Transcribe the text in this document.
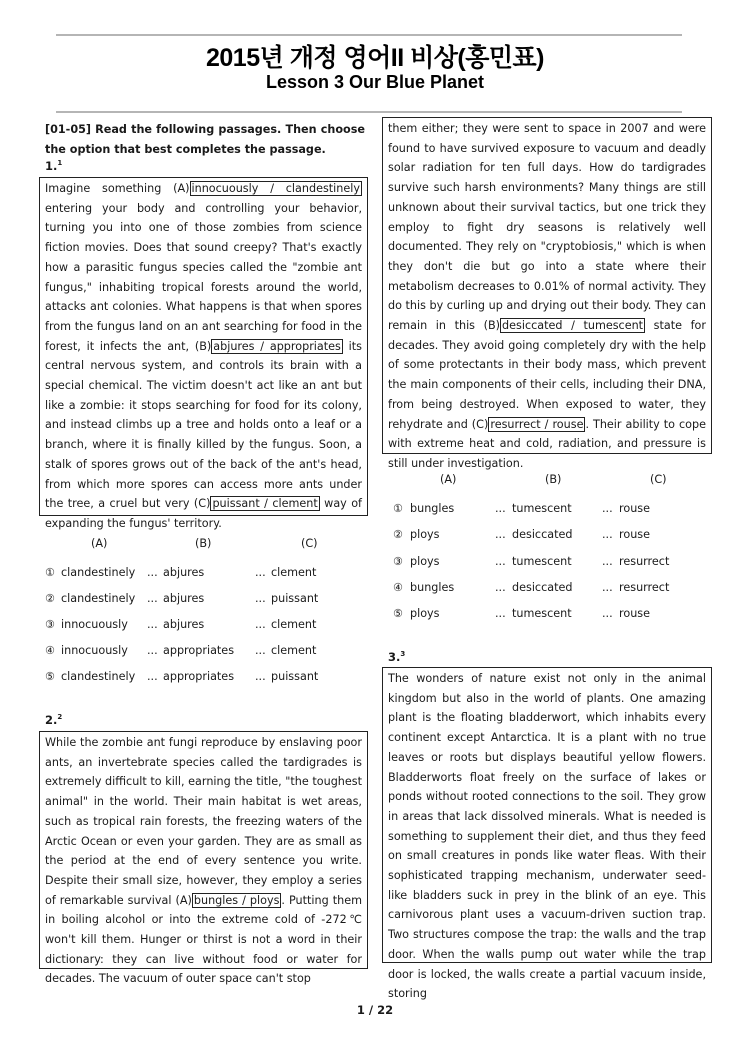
2015년 개정 영어II 비상(홍민표)
Lesson 3 Our Blue Planet
[01-05] Read the following passages. Then choose the option that best completes the passage.
1.$^1$
Imagine something (A) innocuously / clandestinely entering your body and controlling your behavior, turning you into one of those zombies from science fiction movies. Does that sound creepy? That's exactly how a parasitic fungus species called the "zombie ant fungus," inhabiting tropical forests around the world, attacks ant colonies. What happens is that when spores from the fungus land on an ant searching for food in the forest, it infects the ant, (B) abjures / appropriates its central nervous system, and controls its brain with a special chemical. The victim doesn't act like an ant but like a zombie: it stops searching for food for its colony, and instead climbs up a tree and holds onto a leaf or a branch, where it is finally killed by the fungus. Soon, a stalk of spores grows out of the back of the ant's head, from which more spores can access more ants under the tree, a cruel but very (C) puissant / clement way of expanding the fungus' territory.
(A)	(B)	(C)
① clandestinely ... abjures	... clement
② clandestinely ... abjures	... puissant
③ innocuously ... abjures	... clement
④ innocuously ... appropriates ... clement
⑤ clandestinely ... appropriates ... puissant
2.$^2$
While the zombie ant fungi reproduce by enslaving poor ants, an invertebrate species called the tardigrades is extremely difficult to kill, earning the title, "the toughest animal" in the world. Their main habitat is wet areas, such as tropical rain forests, the freezing waters of the Arctic Ocean or even your garden. They are as small as the period at the end of every sentence you write. Despite their small size, however, they employ a series of remarkable survival (A) bungles / ploys . Putting them in boiling alcohol or into the extreme cold of -272℃ won't kill them. Hunger or thirst is not a word in their dictionary: they can live without food or water for decades. The vacuum of outer space can't stop
them either; they were sent to space in 2007 and were found to have survived exposure to vacuum and deadly solar radiation for ten full days. How do tardigrades survive such harsh environments? Many things are still unknown about their survival tactics, but one trick they employ to fight dry seasons is relatively well documented. They rely on "cryptobiosis," which is when they don't die but go into a state where their metabolism decreases to 0.01% of normal activity. They do this by curling up and drying out their body. They can remain in this (B) desiccated / tumescent state for decades. They avoid going completely dry with the help of some protectants in their body mass, which prevent the main components of their cells, including their DNA, from being destroyed. When exposed to water, they rehydrate and (C) resurrect / rouse . Their ability to cope with extreme heat and cold, radiation, and pressure is still under investigation.
(A)	(B)	(C)
① bungles	... tumescent	... rouse
② ploys	... desiccated	... rouse
③ ploys	... tumescent	... resurrect
④ bungles	... desiccated	... resurrect
⑤ ploys	... tumescent	... rouse
3.$^3$
The wonders of nature exist not only in the animal kingdom but also in the world of plants. One amazing plant is the floating bladderwort, which inhabits every continent except Antarctica. It is a plant with no true leaves or roots but displays beautiful yellow flowers. Bladderworts float freely on the surface of lakes or ponds without rooted connections to the soil. They grow in areas that lack dissolved minerals. What is needed is something to supplement their diet, and thus they feed on small creatures in ponds like water fleas. With their sophisticated trapping mechanism, underwater seed-like bladders suck in prey in the blink of an eye. This carnivorous plant uses a vacuum-driven suction trap. Two structures compose the trap: the walls and the trap door. When the walls pump out water while the trap door is locked, the walls create a partial vacuum inside, storing
1 / 22
